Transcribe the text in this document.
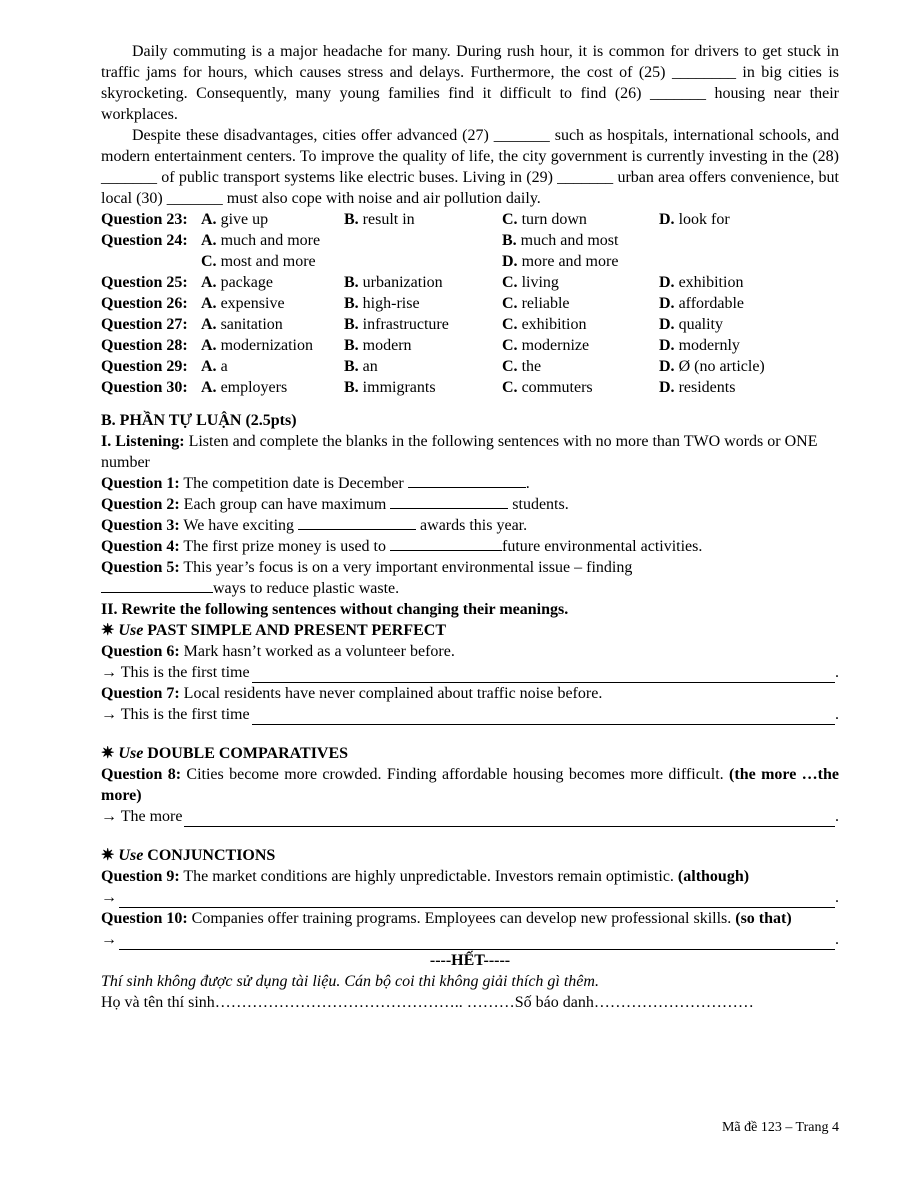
Daily commuting is a major headache for many. During rush hour, it is common for drivers to get stuck in traffic jams for hours, which causes stress and delays. Furthermore, the cost of (25) ________ in big cities is skyrocketing. Consequently, many young families find it difficult to find (26) _______ housing near their workplaces.

Despite these disadvantages, cities offer advanced (27) _______ such as hospitals, international schools, and modern entertainment centers. To improve the quality of life, the city government is currently investing in the (28) _______ of public transport systems like electric buses. Living in (29) _______ urban area offers convenience, but local (30) _______ must also cope with noise and air pollution daily.

Question 23: A. give up	B. result in	C. turn down	D. look for
Question 24: A. much and more	B. much and most
C. most and more	D. more and more
Question 25: A. package	B. urbanization	C. living	D. exhibition
Question 26: A. expensive	B. high-rise	C. reliable	D. affordable
Question 27: A. sanitation	B. infrastructure	C. exhibition	D. quality
Question 28: A. modernization	B. modern	C. modernize	D. modernly
Question 29: A. a	B. an	C. the	D. Ø (no article)
Question 30: A. employers	B. immigrants	C. commuters	D. residents

B. PHẦN TỰ LUẬN (2.5pts)

I. Listening: Listen and complete the blanks in the following sentences with no more than TWO words or ONE number

Question 1: The competition date is December	.

Question 2: Each group can have maximum	students.

Question 3: We have exciting	awards this year.

Question 4: The first prize money is used to	future environmental activities.

Question 5: This year’s focus is on a very important environmental issue – finding

ways to reduce plastic waste.

II. Rewrite the following sentences without changing their meanings.

✷ Use PAST SIMPLE AND PRESENT PERFECT

Question 6: Mark hasn’t worked as a volunteer before.

→ This is the first time	.

Question 7: Local residents have never complained about traffic noise before.

→ This is the first time	.

✷ Use DOUBLE COMPARATIVES

Question 8: Cities become more crowded. Finding affordable housing becomes more difficult. (the more …the more)

→ The more	.

✷ Use CONJUNCTIONS

Question 9: The market conditions are highly unpredictable. Investors remain optimistic. (although)

→	.

Question 10: Companies offer training programs. Employees can develop new professional skills. (so that)

→	.

----HẾT-----

Thí sinh không được sử dụng tài liệu. Cán bộ coi thi không giải thích gì thêm.

Họ và tên thí sinh……………………………………….. ………Số báo danh…………………………

Mã đề 123 – Trang 4
